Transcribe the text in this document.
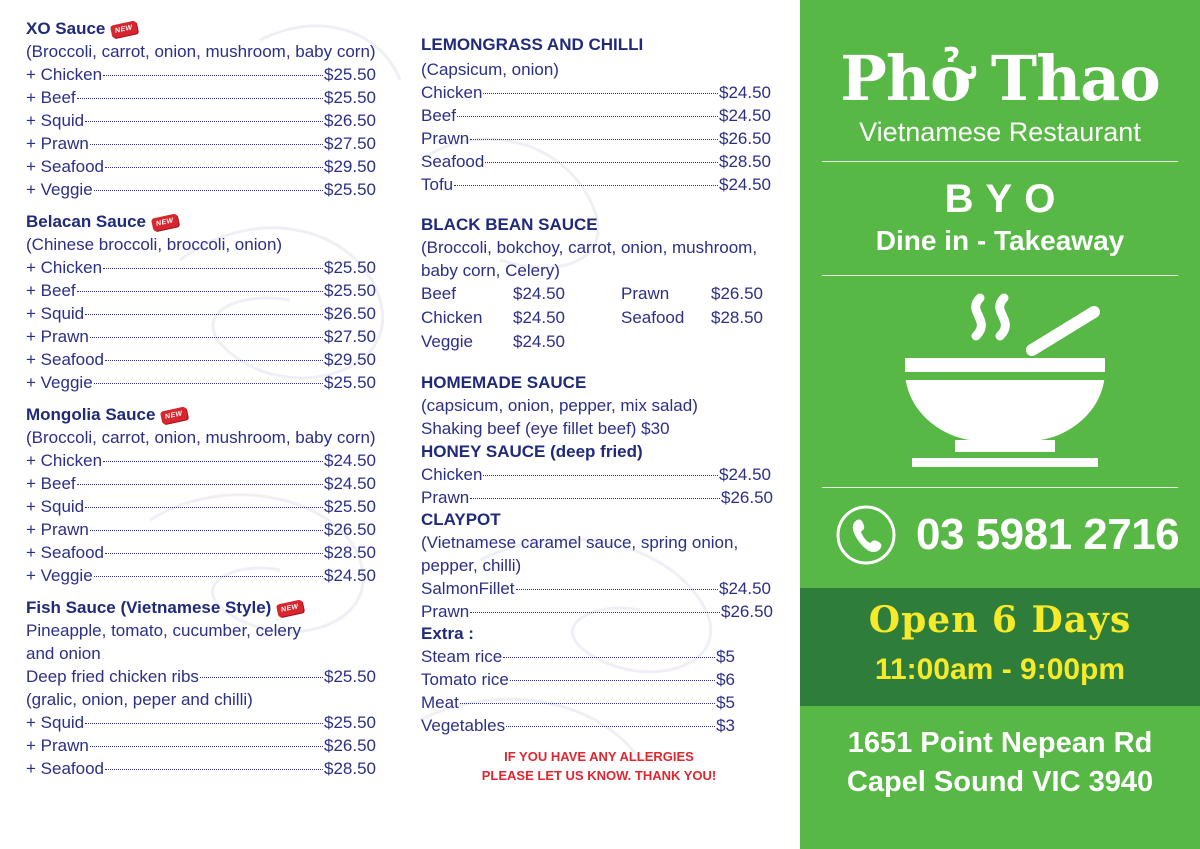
XO Sauce	NEW
(Broccoli, carrot, onion, mushroom, baby corn)
+ Chicken	$25.50
+ Beef	$25.50
+ Squid	$26.50
+ Prawn	$27.50
+ Seafood	$29.50
+ Veggie	$25.50
Belacan Sauce	NEW
(Chinese broccoli, broccoli, onion)
+ Chicken	$25.50
+ Beef	$25.50
+ Squid	$26.50
+ Prawn	$27.50
+ Seafood	$29.50
+ Veggie	$25.50
Mongolia Sauce	NEW
(Broccoli, carrot, onion, mushroom, baby corn)
+ Chicken	$24.50
+ Beef	$24.50
+ Squid	$25.50
+ Prawn	$26.50
+ Seafood	$28.50
+ Veggie	$24.50
Fish Sauce (Vietnamese Style)	NEW
Pineapple, tomato, cucumber, celery and onion
Deep fried chicken ribs	$25.50
(gralic, onion, peper and chilli)
+ Squid	$25.50
+ Prawn	$26.50
+ Seafood	$28.50
LEMONGRASS AND CHILLI
(Capsicum, onion)
Chicken	$24.50
Beef	$24.50
Prawn	$26.50
Seafood	$28.50
Tofu	$24.50
BLACK BEAN SAUCE
(Broccoli, bokchoy, carrot, onion, mushroom, baby corn, Celery)
Beef	$24.50	Prawn	$26.50
Chicken	$24.50	Seafood	$28.50
Veggie	$24.50
HOMEMADE SAUCE
(capsicum, onion, pepper, mix salad)
Shaking beef (eye fillet beef) $30
HONEY SAUCE (deep fried)
Chicken	$24.50
Prawn	$26.50
CLAYPOT
(Vietnamese caramel sauce, spring onion, pepper, chilli)
SalmonFillet	$24.50
Prawn	$26.50
Extra :
Steam rice	$5
Tomato rice	$6
Meat	$5
Vegetables	$3
IF YOU HAVE ANY ALLERGIES
PLEASE LET US KNOW. THANK YOU!
Phở Thao
Vietnamese Restaurant
BYO
Dine in - Takeaway
03 5981 2716
Open 6 Days
11:00am - 9:00pm
1651 Point Nepean Rd
Capel Sound VIC 3940
